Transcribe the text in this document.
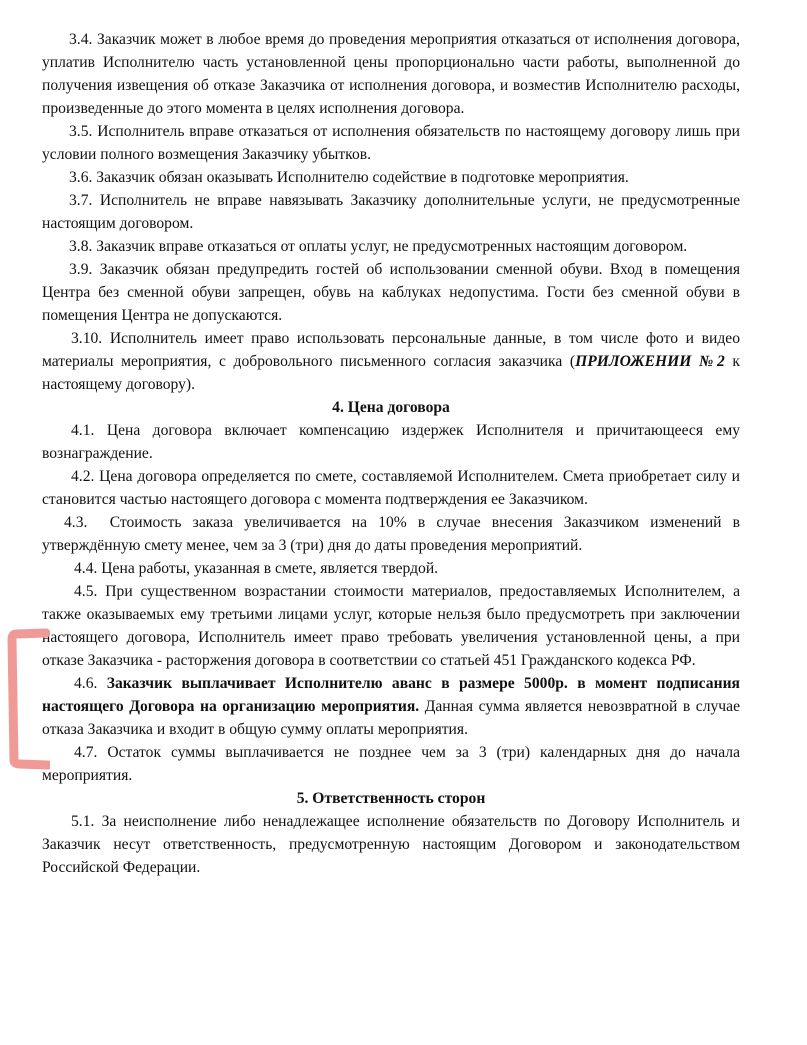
3.4. Заказчик может в любое время до проведения мероприятия отказаться от исполнения договора, уплатив Исполнителю часть установленной цены пропорционально части работы, выполненной до получения извещения об отказе Заказчика от исполнения договора, и возместив Исполнителю расходы, произведенные до этого момента в целях исполнения договора.

3.5. Исполнитель вправе отказаться от исполнения обязательств по настоящему договору лишь при условии полного возмещения Заказчику убытков.

3.6. Заказчик обязан оказывать Исполнителю содействие в подготовке мероприятия.

3.7. Исполнитель не вправе навязывать Заказчику дополнительные услуги, не предусмотренные настоящим договором.

3.8. Заказчик вправе отказаться от оплаты услуг, не предусмотренных настоящим договором.

3.9. Заказчик обязан предупредить гостей об использовании сменной обуви. Вход в помещения Центра без сменной обуви запрещен, обувь на каблуках недопустима. Гости без сменной обуви в помещения Центра не допускаются.

3.10. Исполнитель имеет право использовать персональные данные, в том числе фото и видео материалы мероприятия, с добровольного письменного согласия заказчика (ПРИЛОЖЕНИИ №2 к настоящему договору).

4. Цена договора

4.1. Цена договора включает компенсацию издержек Исполнителя и причитающееся ему вознаграждение.

4.2. Цена договора определяется по смете, составляемой Исполнителем. Смета приобретает силу и становится частью настоящего договора с момента подтверждения ее Заказчиком.

4.3. Стоимость заказа увеличивается на 10% в случае внесения Заказчиком изменений в утверждённую смету менее, чем за 3 (три) дня до даты проведения мероприятий.

4.4. Цена работы, указанная в смете, является твердой.

4.5. При существенном возрастании стоимости материалов, предоставляемых Исполнителем, а также оказываемых ему третьими лицами услуг, которые нельзя было предусмотреть при заключении настоящего договора, Исполнитель имеет право требовать увеличения установленной цены, а при отказе Заказчика - расторжения договора в соответствии со статьей 451 Гражданского кодекса РФ.

4.6. Заказчик выплачивает Исполнителю аванс в размере 5000р. в момент подписания настоящего Договора на организацию мероприятия. Данная сумма является невозвратной в случае отказа Заказчика и входит в общую сумму оплаты мероприятия.

4.7. Остаток суммы выплачивается не позднее чем за 3 (три) календарных дня до начала мероприятия.

5. Ответственность сторон

5.1. За неисполнение либо ненадлежащее исполнение обязательств по Договору Исполнитель и Заказчик несут ответственность, предусмотренную настоящим Договором и законодательством Российской Федерации.
